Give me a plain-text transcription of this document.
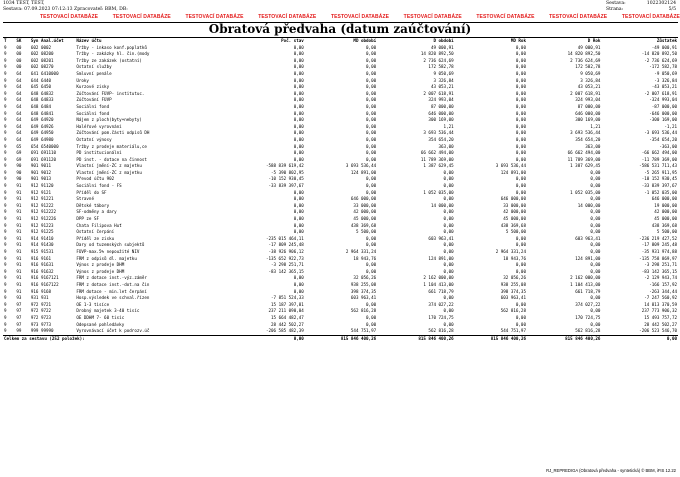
1034 TEST, TEST,
Sestava: 07.09.2023 07:12:13 Zpracovateľ: BBM, DB:
Sestava:	1022302124
Strana:	5/5
TESTOVACÍ DATABÁZE	TESTOVACÍ DATABÁZE	TESTOVACÍ DATABÁZE	TESTOVACÍ DATABÁZE	TESTOVACÍ DATABÁZE	TESTOVACÍ DATABÁZE	TESTOVACÍ DATABÁZE	TESTOVACÍ DATABÁZE	TESTOVACÍ DATABÁZE
Obratová předvaha (datum zaúčtování)
T	SK	Syn Anal.účet	Název účtu	Poč. stav	MD období	D období	MD Rok	D Rok	Zůstatek
9	00	602 0002	Tržby - inkaso konf.poplatků	0,00	0,00	49 000,91	0,00	49 000,91	-49 000,91
9	00	602 08200	Tržby - zakázky hl. čin.(mody	0,00	0,00	14 820 892,50	0,00	14 820 892,50	-14 820 892,50
9	00	602 08201	Tržby ze zakázek (ostatní)	0,00	0,00	2 736 624,69	0,00	2 736 624,69	-2 736 624,69
9	00	602 08270	Ostatní služby	0,00	0,00	172 582,78	0,00	172 582,78	-172 582,78
9	64	641 6410000	Smluvní penále	0,00	0,00	9 050,69	0,00	9 050,69	-9 050,69
9	64	644 6440	Úroky	0,00	0,00	3 326,84	0,00	3 326,84	-3 326,84
9	64	645 6450	Kurzové zisky	0,00	0,00	43 053,21	0,00	43 053,21	-43 053,21
9	64	648 64832	Zúčtování FÚVP- institutuc.	0,00	0,00	2 007 618,91	0,00	2 007 618,91	-2 007 618,91
9	64	648 64833	Zúčtování FÚVP	0,00	0,00	324 993,04	0,00	324 993,04	-324 993,04
9	64	648 6484	Sociální fond	0,00	0,00	87 000,00	0,00	87 000,00	-87 000,00
9	64	648 64841	Sociální fond	0,00	0,00	646 000,00	0,00	646 000,00	-646 000,00
9	64	649 64920	Nájem z ploch(byty+nebyty)	0,00	0,00	300 169,00	0,00	300 169,00	-300 169,00
9	64	649 64926	Haléřové vyrovnání	0,00	0,00	1,21	0,00	1,21	-1,21
9	64	649 64950	Zúčtování pom.části odpisů DH	0,00	0,00	3 693 536,44	0,00	3 693 536,44	-3 693 536,44
9	64	649 64980	Ostatní výnosy	0,00	0,00	354 654,20	0,00	354 654,20	-354 654,20
9	65	654 6540000	Tržby z prodeje materiálu,ce	0,00	0,00	363,00	0,00	363,00	-363,00
9	69	691 691110	PD institucionální	0,00	0,00	66 662 494,00	0,00	66 662 494,00	-66 662 494,00
9	69	691 691120	PD inst. - dotace na činnost	0,00	0,00	11 789 369,00	0,00	11 789 369,00	-11 789 369,00
9	90	901 9011	Vlastní jmění-ZC z majetku	-588 839 619,42	3 693 536,44	1 387 629,45	3 693 536,44	1 387 629,45	-586 531 711,43
9	90	901 9012	Vlastní jmění-ZC z majetku	-5 390 802,95	124 891,00	0,00	124 891,00	0,00	-5 265 911,95
9	90	901 9013	Převod účtu 902	-10 152 930,45	0,00	0,00	0,00	0,00	-10 152 930,45
9	91	912 91120	Sociální fond - FS	-33 839 397,67	0,00	0,00	0,00	0,00	-33 839 397,67
9	91	912 9121	Příděl do SF	0,00	0,00	1 052 035,00	0,00	1 052 035,00	-1 052 035,00
9	91	912 91221	Stravné	0,00	646 000,00	0,00	646 000,00	0,00	646 000,00
9	91	912 91222	Dětské tábory	0,00	33 000,00	14 000,00	33 000,00	14 000,00	19 000,00
9	91	912 912222	SF-odměny a dary	0,00	42 000,00	0,00	42 000,00	0,00	42 000,00
9	91	912 912226	DPP ze SF	0,00	45 000,00	0,00	45 000,00	0,00	45 000,00
9	91	912 91223	Chata Filipova Huť	0,00	438 369,68	0,00	438 369,68	0,00	438 369,68
9	91	912 91225	Ostatní čerpání	0,00	5 500,00	0,00	5 500,00	0,00	5 500,00
9	91	914 91410	Příděl ze zisku	-235 015 464,11	0,00	603 963,41	0,00	603 963,41	-236 219 427,52
9	91	914 91430	Dary od tuzemských subjektů	-17 809 245,48	0,00	0,00	0,00	0,00	-17 809 245,48
9	91	915 91531	FÚVP-max.5% nepoužité NIV	-38 926 906,12	2 964 331,24	0,00	2 964 331,24	0,00	-35 931 974,88
9	91	916 9161	FRM z odpisů dl. majetku	-135 652 922,73	18 943,76	124 891,00	18 943,76	124 891,00	-135 758 869,97
9	91	916 91631	Výnos z prodeje DHM	-3 298 251,71	0,00	0,00	0,00	0,00	-3 298 251,71
9	91	916 91632	Výnos z prodeje DHM	-83 142 365,15	0,00	0,00	0,00	0,00	-83 142 365,15
9	91	916 9167121	FRM z dotace inst.-výz.záměr	0,00	32 056,26	2 162 000,00	32 056,26	2 162 000,00	-2 129 943,74
9	91	916 9167122	FRM z dotace inst.-dot.na čin	0,00	938 255,08	1 104 413,00	938 255,08	1 104 413,00	-166 157,92
9	91	916 9168	FRM dotace - min.let čerpání	0,00	398 374,35	661 718,79	398 374,35	661 718,79	-263 344,44
9	93	931 931	Hosp.výsledek ve schval.řízen	-7 851 524,33	603 963,41	0,00	603 963,41	0,00	-7 247 560,92
9	97	972 9721	OE 1-3 tisíce	15 187 397,81	0,00	374 027,22	0,00	374 027,22	14 813 370,59
9	97	972 9722	Drobný majetek 3-40 tisíc	237 211 090,04	562 816,28	0,00	562 816,28	0,00	237 773 906,32
9	97	972 9723	OE DDHM 7- 60 tisíc	15 664 482,47	0,00	170 724,75	0,00	170 724,75	15 493 757,72
9	97	973 9773	Odepsané pohledávky	28 442 502,27	0,00	0,00	0,00	0,00	28 442 502,27
9	99	999 99990	Vyrovnávací účet k podrozv.úč	-206 585 482,39	544 751,97	562 816,28	544 751,97	562 816,28	-206 523 546,70
Celkem za sestavu (252 položek):				0,00	815 846 400,26	815 846 400,26	815 846 400,26	815 846 400,26	0,00
RJ_REPREDIGA (Obratová předvaha - syntetická) © BBM, iFIS 12.22
